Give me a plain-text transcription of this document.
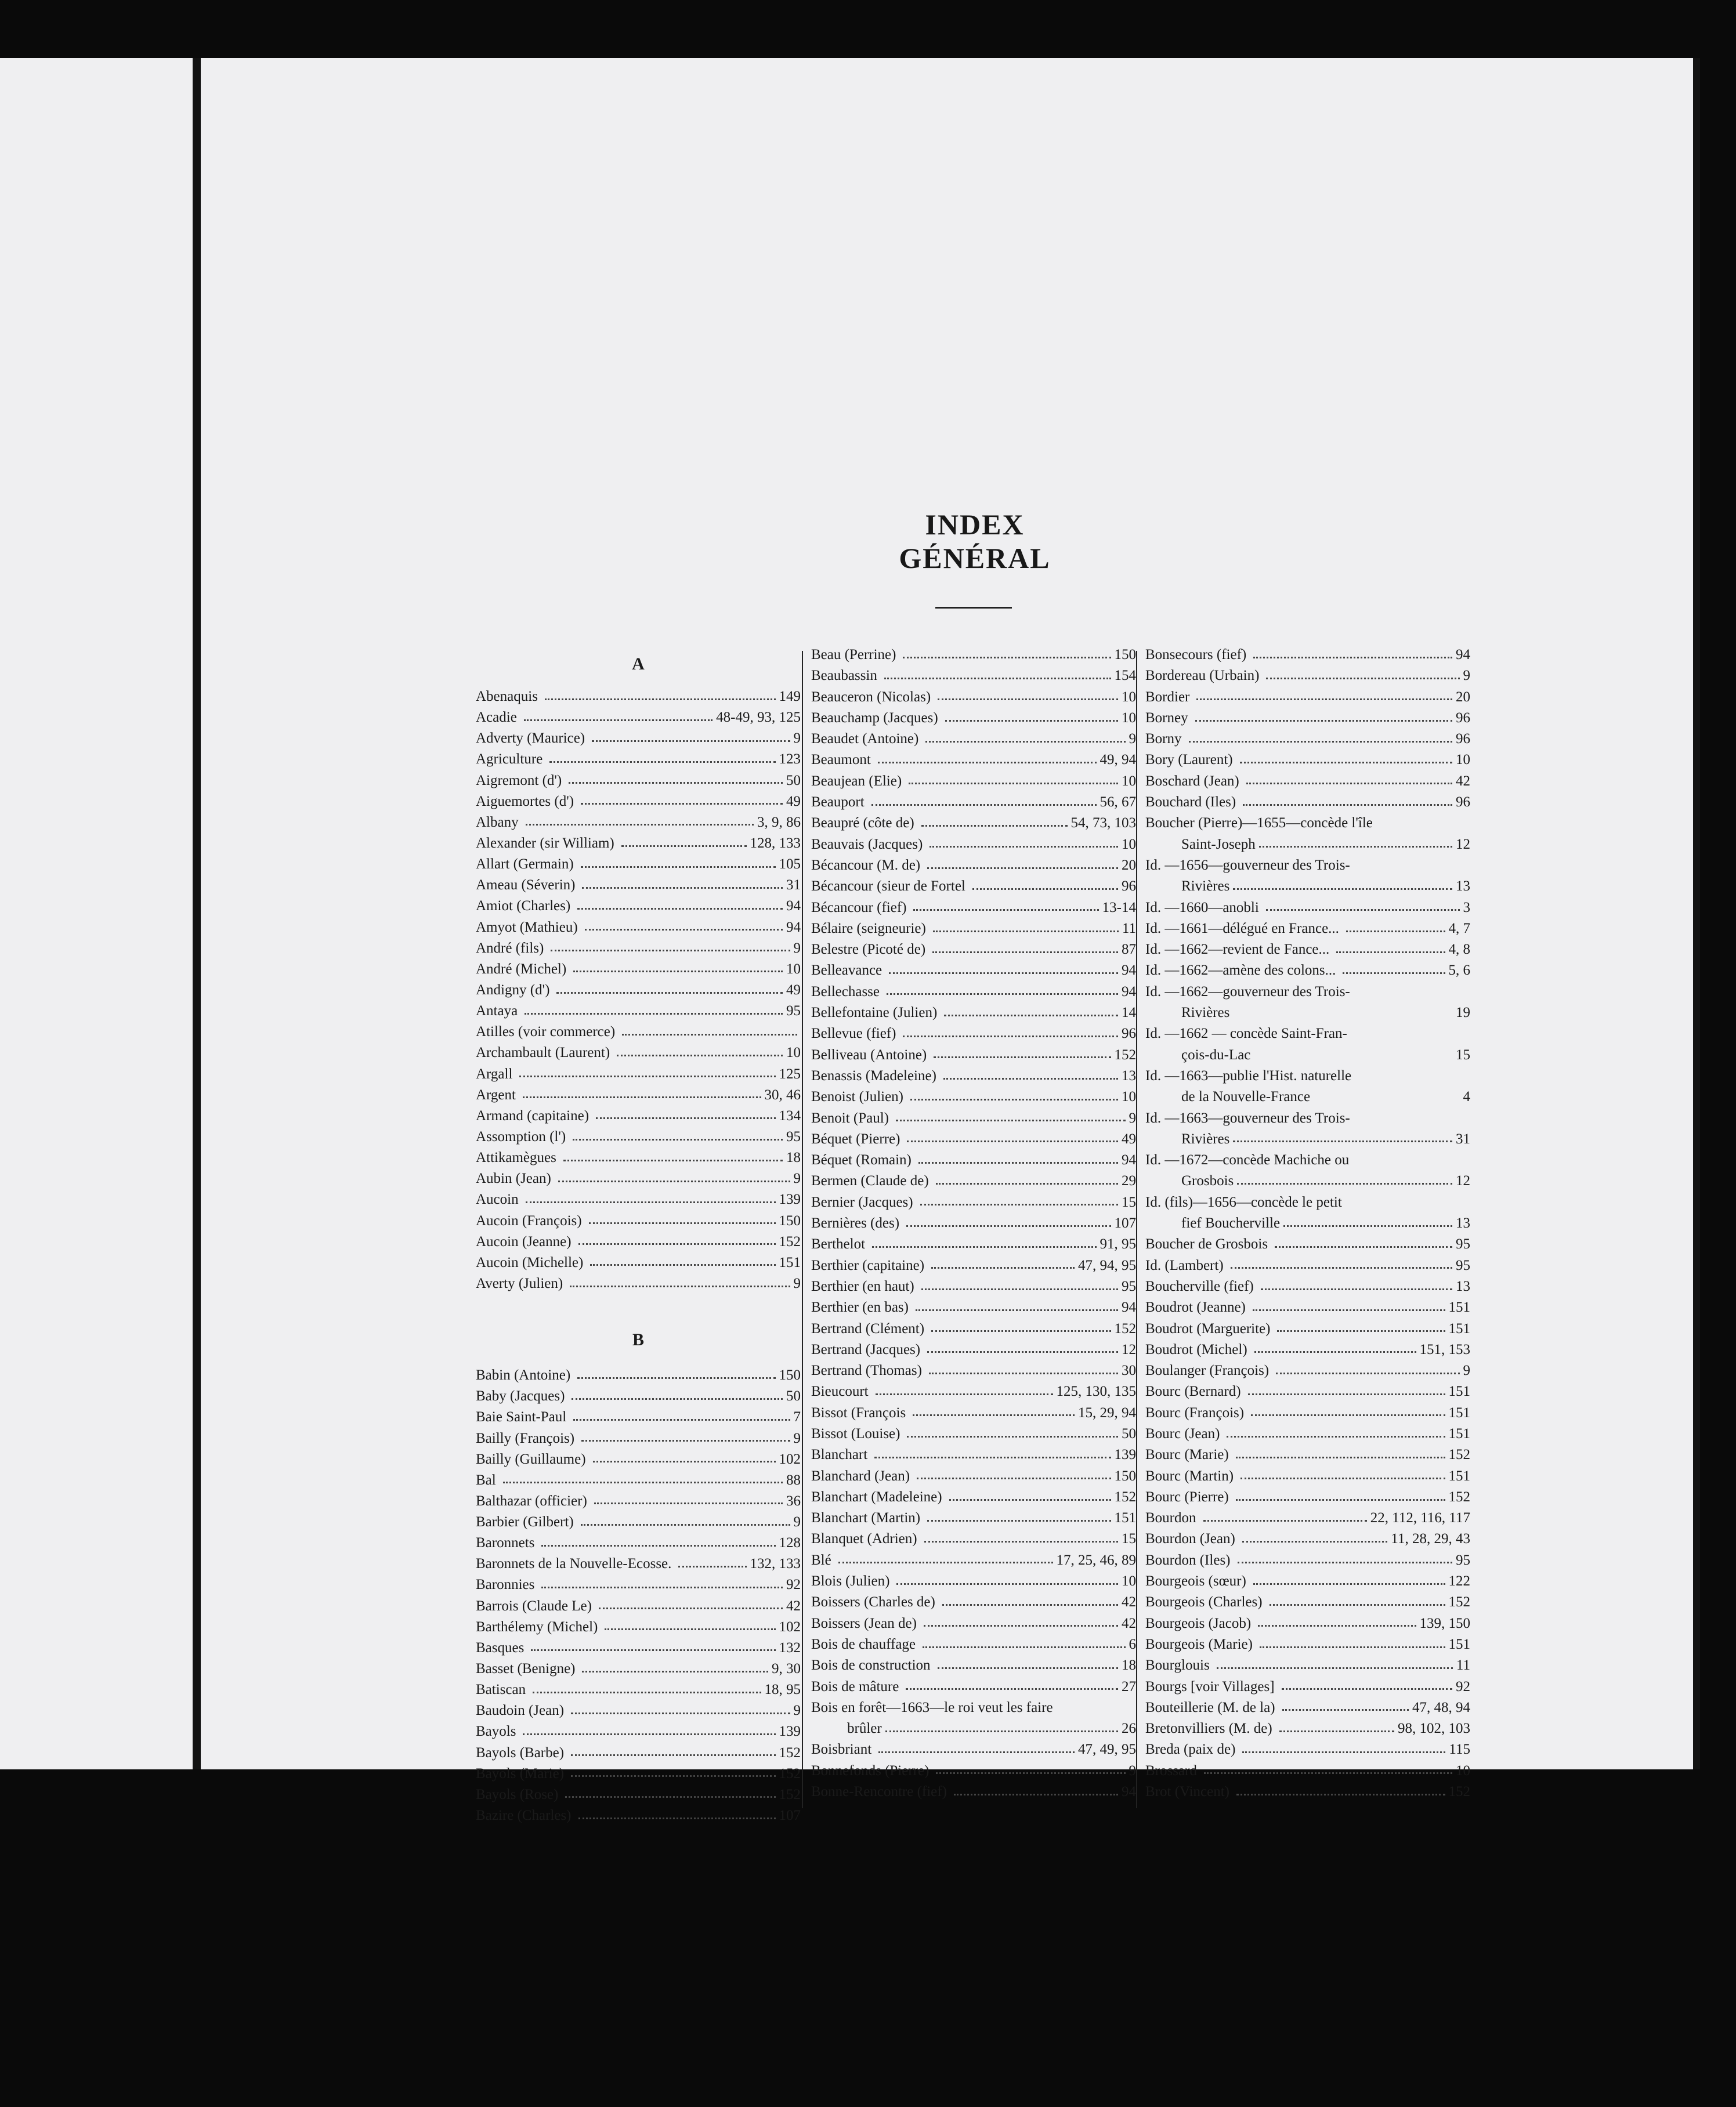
INDEX GÉNÉRAL
A
Abenaquis	149
Acadie	48-49, 93, 125
Adverty (Maurice)	9
Agriculture	123
Aigremont (d')	50
Aiguemortes (d')	49
Albany	3, 9, 86
Alexander (sir William)	128, 133
Allart (Germain)	105
Ameau (Séverin)	31
Amiot (Charles)	94
Amyot (Mathieu)	94
André (fils)	9
André (Michel)	10
Andigny (d')	49
Antaya	95
Atilles (voir commerce)
Archambault (Laurent)	10
Argall	125
Argent	30, 46
Armand (capitaine)	134
Assomption (l')	95
Attikamègues	18
Aubin (Jean)	9
Aucoin	139
Aucoin (François)	150
Aucoin (Jeanne)	152
Aucoin (Michelle)	151
Averty (Julien)	9
B
Babin (Antoine)	150
Baby (Jacques)	50
Baie Saint-Paul	7
Bailly (François)	9
Bailly (Guillaume)	102
Bal	88
Balthazar (officier)	36
Barbier (Gilbert)	9
Baronnets	128
Baronnets de la Nouvelle-Ecosse.	132, 133
Baronnies	92
Barrois (Claude Le)	42
Barthélemy (Michel)	102
Basques	132
Basset (Benigne)	9, 30
Batiscan	18, 95
Baudoin (Jean)	9
Bayols	139
Bayols (Barbe)	152
Bayols (Marie)	152
Bayols (Rose)	152
Bazire (Charles)	107
Beau (Perrine)	150
Beaubassin	154
Beauceron (Nicolas)	10
Beauchamp (Jacques)	10
Beaudet (Antoine)	9
Beaumont	49, 94
Beaujean (Elie)	10
Beauport	56, 67
Beaupré (côte de)	54, 73, 103
Beauvais (Jacques)	10
Bécancour (M. de)	20
Bécancour (sieur de Fortel	96
Bécancour (fief)	13-14
Bélaire (seigneurie)	11
Belestre (Picoté de)	87
Belleavance	94
Bellechasse	94
Bellefontaine (Julien)	14
Bellevue (fief)	96
Belliveau (Antoine)	152
Benassis (Madeleine)	13
Benoist (Julien)	10
Benoit (Paul)	9
Béquet (Pierre)	49
Béquet (Romain)	94
Bermen (Claude de)	29
Bernier (Jacques)	15
Bernières (des)	107
Berthelot	91, 95
Berthier (capitaine)	47, 94, 95
Berthier (en haut)	95
Berthier (en bas)	94
Bertrand (Clément)	152
Bertrand (Jacques)	12
Bertrand (Thomas)	30
Bieucourt	125, 130, 135
Bissot (François	15, 29, 94
Bissot (Louise)	50
Blanchart	139
Blanchard (Jean)	150
Blanchart (Madeleine)	152
Blanchart (Martin)	151
Blanquet (Adrien)	15
Blé	17, 25, 46, 89
Blois (Julien)	10
Boissers (Charles de)	42
Boissers (Jean de)	42
Bois de chauffage	6
Bois de construction	18
Bois de mâture	27
Bois en forêt—1663—le roi veut les faire
brûler	26
Boisbriant	47, 49, 95
Bonnefonds (Pierre)	9
Bonne-Rencontre (fief)	94
Bonsecours (fief)	94
Bordereau (Urbain)	9
Bordier	20
Borney	96
Borny	96
Bory (Laurent)	10
Boschard (Jean)	42
Bouchard (Iles)	96
Boucher (Pierre)—1655—concède l'île
Saint-Joseph	12
Id. —1656—gouverneur des Trois-
Rivières	13
Id. —1660—anobli	3
Id. —1661—délégué en France...	4, 7
Id. —1662—revient de Fance...	4, 8
Id. —1662—amène des colons...	5, 6
Id. —1662—gouverneur des Trois-
Rivières	19
Id. —1662 — concède Saint-Fran-
çois-du-Lac	15
Id. —1663—publie l'Hist. naturelle
de la Nouvelle-France	4
Id. —1663—gouverneur des Trois-
Rivières	31
Id. —1672—concède Machiche ou
Grosbois	12
Id. (fils)—1656—concède le petit
fief Boucherville	13
Boucher de Grosbois	95
Id. (Lambert)	95
Boucherville (fief)	13
Boudrot (Jeanne)	151
Boudrot (Marguerite)	151
Boudrot (Michel)	151, 153
Boulanger (François)	9
Bourc (Bernard)	151
Bourc (François)	151
Bourc (Jean)	151
Bourc (Marie)	152
Bourc (Martin)	151
Bourc (Pierre)	152
Bourdon	22, 112, 116, 117
Bourdon (Jean)	11, 28, 29, 43
Bourdon (Iles)	95
Bourgeois (sœur)	122
Bourgeois (Charles)	152
Bourgeois (Jacob)	139, 150
Bourgeois (Marie)	151
Bourglouis	11
Bourgs [voir Villages]	92
Bouteillerie (M. de la)	47, 48, 94
Bretonvilliers (M. de)	98, 102, 103
Breda (paix de)	115
Brossard	10
Brot (Vincent)	152
